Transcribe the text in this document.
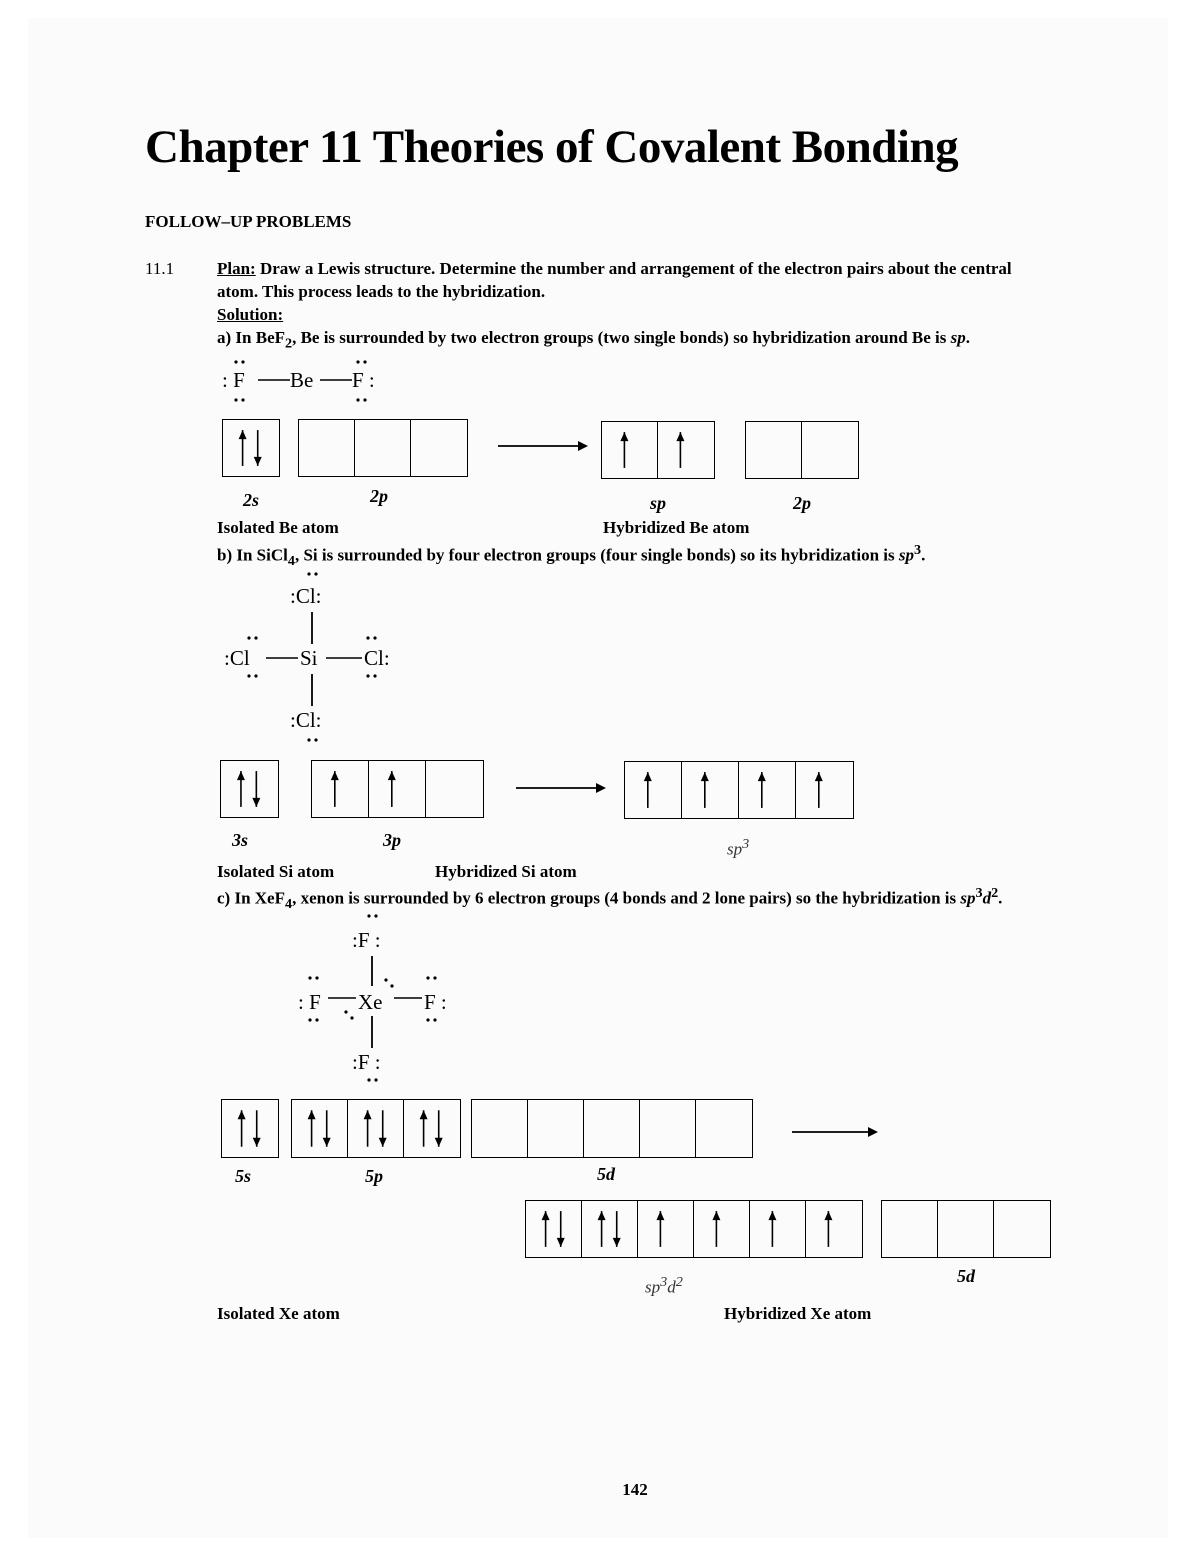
Chapter 11 Theories of Covalent Bonding
FOLLOW–UP PROBLEMS
11.1	Plan: Draw a Lewis structure. Determine the number and arrangement of the electron pairs about the central
atom. This process leads to the hybridization.
Solution:
a) In BeF$_2$, Be is surrounded by two electron groups (two single bonds) so hybridization around Be is sp.
: F Be F :
2s	2p	sp	2p
Isolated Be atom	Hybridized Be atom
b) In SiCl$_4$, Si is surrounded by four electron groups (four single bonds) so its hybridization is $sp^3$.
:Cl:
:Cl Si Cl:
:Cl:
3s	3p	$sp^3$
Isolated Si atom	Hybridized Si atom
c) In XeF$_4$, xenon is surrounded by 6 electron groups (4 bonds and 2 lone pairs) so the hybridization is $sp^3d^2$.
:F :
: F Xe F :
:F :
5s	5p	5d
$sp^3d^2$	5d
Isolated Xe atom	Hybridized Xe atom
142
